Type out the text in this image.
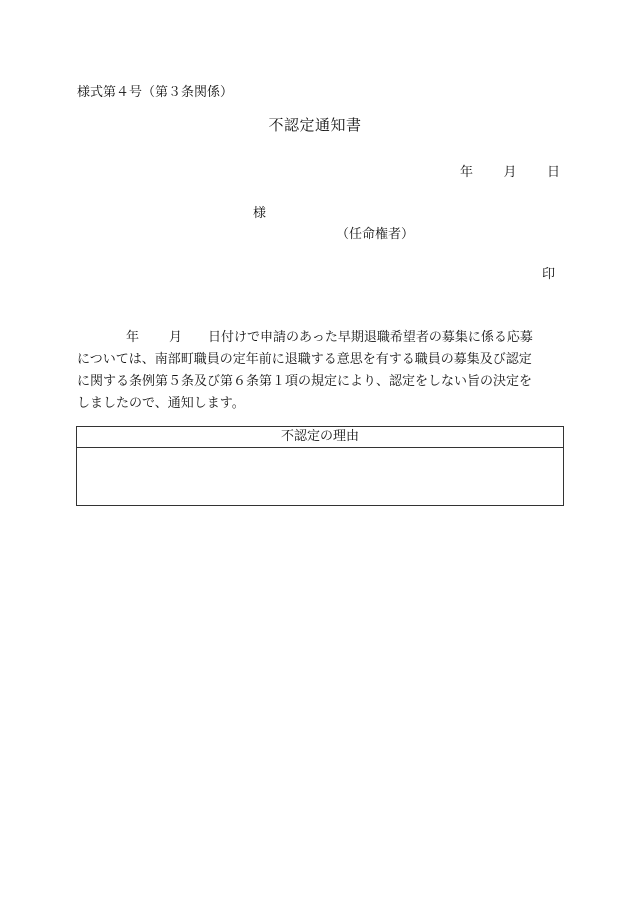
様式第４号（第３条関係）
不認定通知書
年 月 日
様
（任命権者）
印
年 月 日付けで申請のあった早期退職希望者の募集に係る応募
については、南部町職員の定年前に退職する意思を有する職員の募集及び認定
に関する条例第５条及び第６条第１項の規定により、認定をしない旨の決定を
しましたので、通知します。
不認定の理由
